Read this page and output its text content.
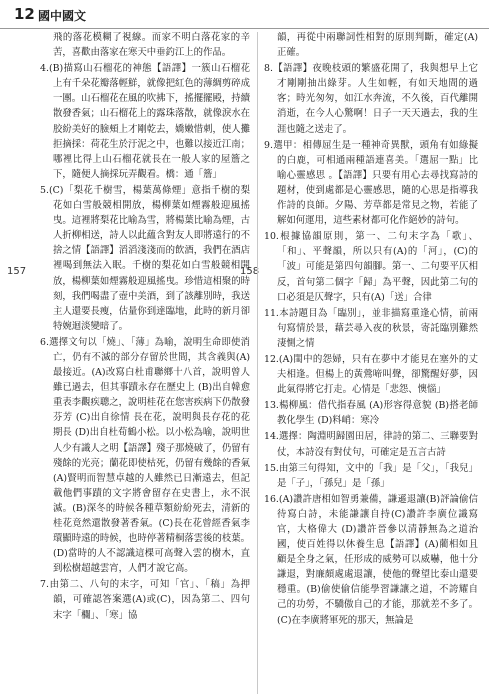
12 國中國文
157	158

飛的落花模糊了視線。而家不明白落花家的辛苦，喜歡由落家在寒天中垂釣江上的作品。

4.(B)描寫山石榴花的神態【語譯】一簇山石榴花上有千朵花瓣落輕鮮，就像把紅色的薄綢剪碎成一團。山石榴花在風的吹拂下，搖擺擺殿，持續散發香氣；山石榴花上的露珠落散，就像淚水在胶紛美好的臉頰上才剛乾去，嬌嫩惜刺，使人攤拒摘採：荷花生於汙泥之中，也難以接近江南；哪裡比得上山石榴花就長在一般人家的屋簷之下，隨便人摘採玩弄觀看。橋：通「簷」

5.(C)「梨花千樹雪，楊葉萬條煙」意指千樹的梨花如白雪般競相開放，楊柳葉如煙霧般迎風搖曳。這裡將梨花比喻為雪，將楊葉比喻為煙，古人折柳相送，詩人以此蘊含對友人即將遠行的不捨之情【語譯】滔滔淺淺而的飲酒，我們在酒店裡喝到無法入眠。千樹的梨花如白雪般競相開放，楊柳葉如煙霧般迎風搖曳。珍惜這相聚的時刻，我們喝盡了壺中美酒，到了該離別時，我送主人還要長瘦，估量你到達臨地，此時的新月卻特婉迴淡變暗了。

6.選擇文句以「燒」、「薄」為喻，說明生命即使消亡，仍有不滅的部分存留於世間，其含義與(A)最接近。(A)改寫白杜甫聯鄉十八首，說明曾人雖已過去，但其事蹟永存在歷史上 (B)出自韓愈重表李觀疾聰之，說明桂花在您害疾病下仍散發芬芳 (C)出自徐情 長在花，說明與長存花的花期長 (D)出自杜荀鶴小松。以小松為喻，說明世人少有識人之明【語譯】殘子那燒破了，仍留有殘餘的光亮；蘭花即使枯死，仍留有幾餘的香氣 (A)賢明而智慧卓越的人雖然已日漸遠去，但記載他們事蹟的文字將會留存在史書上，永不泯滅。(B)深冬的時候各種草類紛紛死去，清新的桂花竟然還散發著香氣。(C)長在花曾經香氣李環顯時遠的時候，也時停著精桐落雲後的枝葉。(D)當時的人不認識這棵可高聲入雲的樹木，直到松樹超越雲宵，人們才說它高。

7.由第二、八句的末字，可知「官」、「稿」為押韻，可確認答案選(A)或(C)，因為第二、四句末字「欄」、「寒」協

韻，再從中兩聯詞性相對的原則判斷，確定(A)正確。

8.【語譯】夜晚枝頭的繁盛花開了，我與想早上它才剛剛抽出綠芽。人生如輕，有如天地間的過客；時光匆匆，如江水奔流，不久後，百代離開消逝，在今人心驚啊！日子一天天過去，我的生涯也隨之送走了。

9.選甲：相傳屈生是一種神奇異獸，頭角有如綠擬的白鹿，可相通兩種語連喜美。「選屈一點」比喻心靈感思 。【語譯】只要有用心去尋找寫詩的題材，使到處都是心靈感思，隨的心思是指導我作詩的良師。夕陽、芳草都是常見之物，若能了解如何運用，這些素材都可化作絕妙的詩句。

10.根據協韻原則，第一、二句末字為「歌」、「和」、平聲韻，所以只有(A)的「河」，(C)的「波」可能是第四句韻腳。第一、二句要平仄相反，首句第二個字「歸」為平聲，因此第二句的口必須是仄聲字，只有(A)「送」合律

11.本詩題目為「臨別」，並非描寫重逢心情，前兩句寫情於景，藉芸尋入夜的秋景，寄託臨別難然淒惻之情

12.(A)閨中的怨婦，只有在夢中才能見在塞外的丈夫相逢。但楊上的黃鶯啼叫聲，卻驚醒好夢，因此氣得將它打走。心情是「悲怨、懊惱」

13.楊柳風：借代指春風 (A)形容得意貌 (B)搭老師教化學生 (D)料峭：寒冷

14.選擇：陶淵明歸園田居，律詩的第二、三聯要對仗，本詩沒有對仗句，可確定是五言古詩

15.由第三句得知，文中的「我」是「父」，「我兒」是「子」，「孫兒」是「孫」

16.(A)讚許唐相如智勇兼備，謙遜退讓(B)評論偷信待寫白詩，未能謙讓自持(C)讚許李廣位識寫官，大格偉大 (D)讚許晉參以清靜無為之道治國，使百姓得以休養生息【語譯】(A)藺相如且顧是全身之氣，任形成的威勢可以威嚇，他十分謙退，對廉頗處處退讓，使他的聲望比泰山還要穩重。(B)偷使偷信能學習謙讓之道，不誇耀自己的功勞，不驕傲自己的才能，那就差不多了。(C)在李廣將軍死的那天，無論是
